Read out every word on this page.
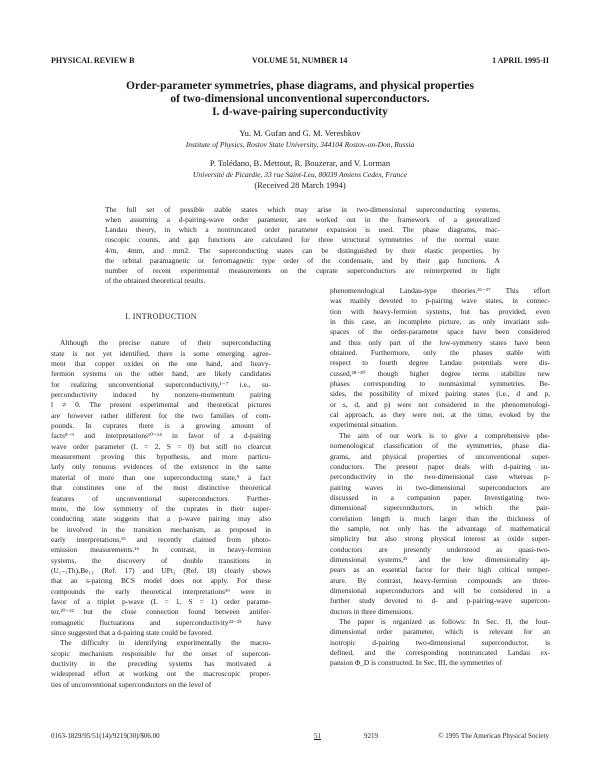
PHYSICAL REVIEW B	VOLUME 51, NUMBER 14	1 APRIL 1995-II
Order-parameter symmetries, phase diagrams, and physical properties
of two-dimensional unconventional superconductors.
I. d-wave-pairing superconductivity
Yu. M. Gufan and G. M. Vereshkov
Institute of Physics, Rostov State University, 344104 Rostov-on-Don, Russia
P. Tolédano, B. Mettout, R. Bouzerar, and V. Lorman
Université de Picardie, 33 rue Saint-Leu, 80039 Amiens Cedex, France
(Received 28 March 1994)
The full set of possible stable states which may arise in two-dimensional superconducting systems,
when assuming a d-pairing-wave order parameter, are worked out in the framework of a generalized
Landau theory, in which a nontruncated order parameter expansion is used. The phase diagrams, mac-
roscopic counts, and gap functions are calculated for three structural symmetries of the normal state:
4/m, 4mm, and mm2. The superconducting states can be distinguished by their elastic properties, by
the orbital paramagnetic or ferromagnetic type order of the condensate, and by their gap functions. A
number of recent experimental measurements on the cuprate superconductors are reinterpreted in light
of the obtained theoretical results.
I. INTRODUCTION
Although the precise nature of their superconducting
state is not yet identified, there is some emerging agree-
ment that copper oxides on the one hand, and heavy-
fermion systems on the other hand, are likely candidates
for realizing unconventional superconductivity,¹⁻⁷ i.e., su-
perconductivity induced by nonzero-momentum pairing
l ≠ 0. The present experimental and theoretical pictures
are however rather different for the two families of com-
pounds. In cuprates there is a growing amount of
facts⁸⁻⁹ and interpretations¹⁰⁻¹⁴ in favor of a d-pairing
wave order parameter (L = 2, S = 0) but still no clearcut
measurement proving this hypothesis, and more particu-
larly only tenuous evidences of the existence in the same
material of more than one superconducting state,⁹ a fact
that constitutes one of the most distinctive theoretical
features of unconventional superconductors. Further-
more, the low symmetry of the cuprates in their super-
conducting state suggests that a p-wave pairing may also
be involved in the transition mechanism, as proposed in
early interpretations,¹⁵ and recently claimed from photo-
emission measurements.¹⁶ In contrast, in heavy-fermion
systems, the discovery of double transitions in
(U₁₋ₓTh)ₓBe₁₃ (Ref. 17) and UPt₃ (Ref. 18) clearly shows
that an s-pairing BCS model does not apply. For these
compounds the early theoretical interpretations¹⁹ were in
favor of a triplet p-wave (L = 1, S = 1) order parame-
ter,²⁰⁻²² but the close connection found between antifer-
romagnetic fluctuations and superconductivity²³⁻²⁵ have
since suggested that a d-pairing state could be favored.
The difficulty in identifying experimentally the macro-
scopic mechanism responsible for the onset of supercon-
ductivity in the preceding systems has motivated a
widespread effort at working out the macroscopic proper-
ties of unconventional superconductors on the level of
phenomenological Landau-type theories.²⁶⁻²⁷ This effort
was mainly devoted to p-pairing wave states, in connec-
tion with heavy-fermion systems, but has provided, even
in this case, an incomplete picture, as only invariant sub-
spaces of the order-parameter space have been considered
and thus only part of the low-symmetry states have been
obtained. Furthermore, only the phases stable with
respect to fourth degree Landau potentials were dis-
cussed,²⁸⁻³⁰ though higher degree terms stabilize new
phases corresponding to nonmaximal symmetries. Be-
sides, the possibility of mixed pairing states (i.e., d and p,
or s, d, and p) were not considered in the phenomenologi-
cal approach, as they were not, at the time, evoked by the
experimental situation.
The aim of our work is to give a comprehensive phe-
nomenological classification of the symmetries, phase dia-
grams, and physical properties of unconventional super-
conductors. The present paper deals with d-pairing su-
perconductivity in the two-dimensional case whereas p-
pairing waves in two-dimensional superconductors are
discussed in a companion paper. Investigating two-
dimensional superconductors, in which the pair-
correlation length is much larger than the thickness of
the sample, not only has the advantage of mathematical
simplicity but also strong physical interest as oxide super-
conductors are presently understood as quasi-two-
dimensional systems,³¹ and the low dimensionality ap-
pears as an essential factor for their high critical temper-
ature. By contrast, heavy-fermion compounds are three-
dimensional superconductors and will be considered in a
further study devoted to d- and p-pairing-wave supercon-
ductors in three dimensions.
The paper is organized as follows: In Sec. II, the four-
dimensional order parameter, which is relevant for an
isotropic d-pairing two-dimensional superconductor, is
defined, and the corresponding nontruncated Landau ex-
pansion Φ_D is constructed. In Sec. III, the symmetries of
0163-1829/95/51(14)/9219(30)/$06.00	51	9219	© 1995 The American Physical Society
